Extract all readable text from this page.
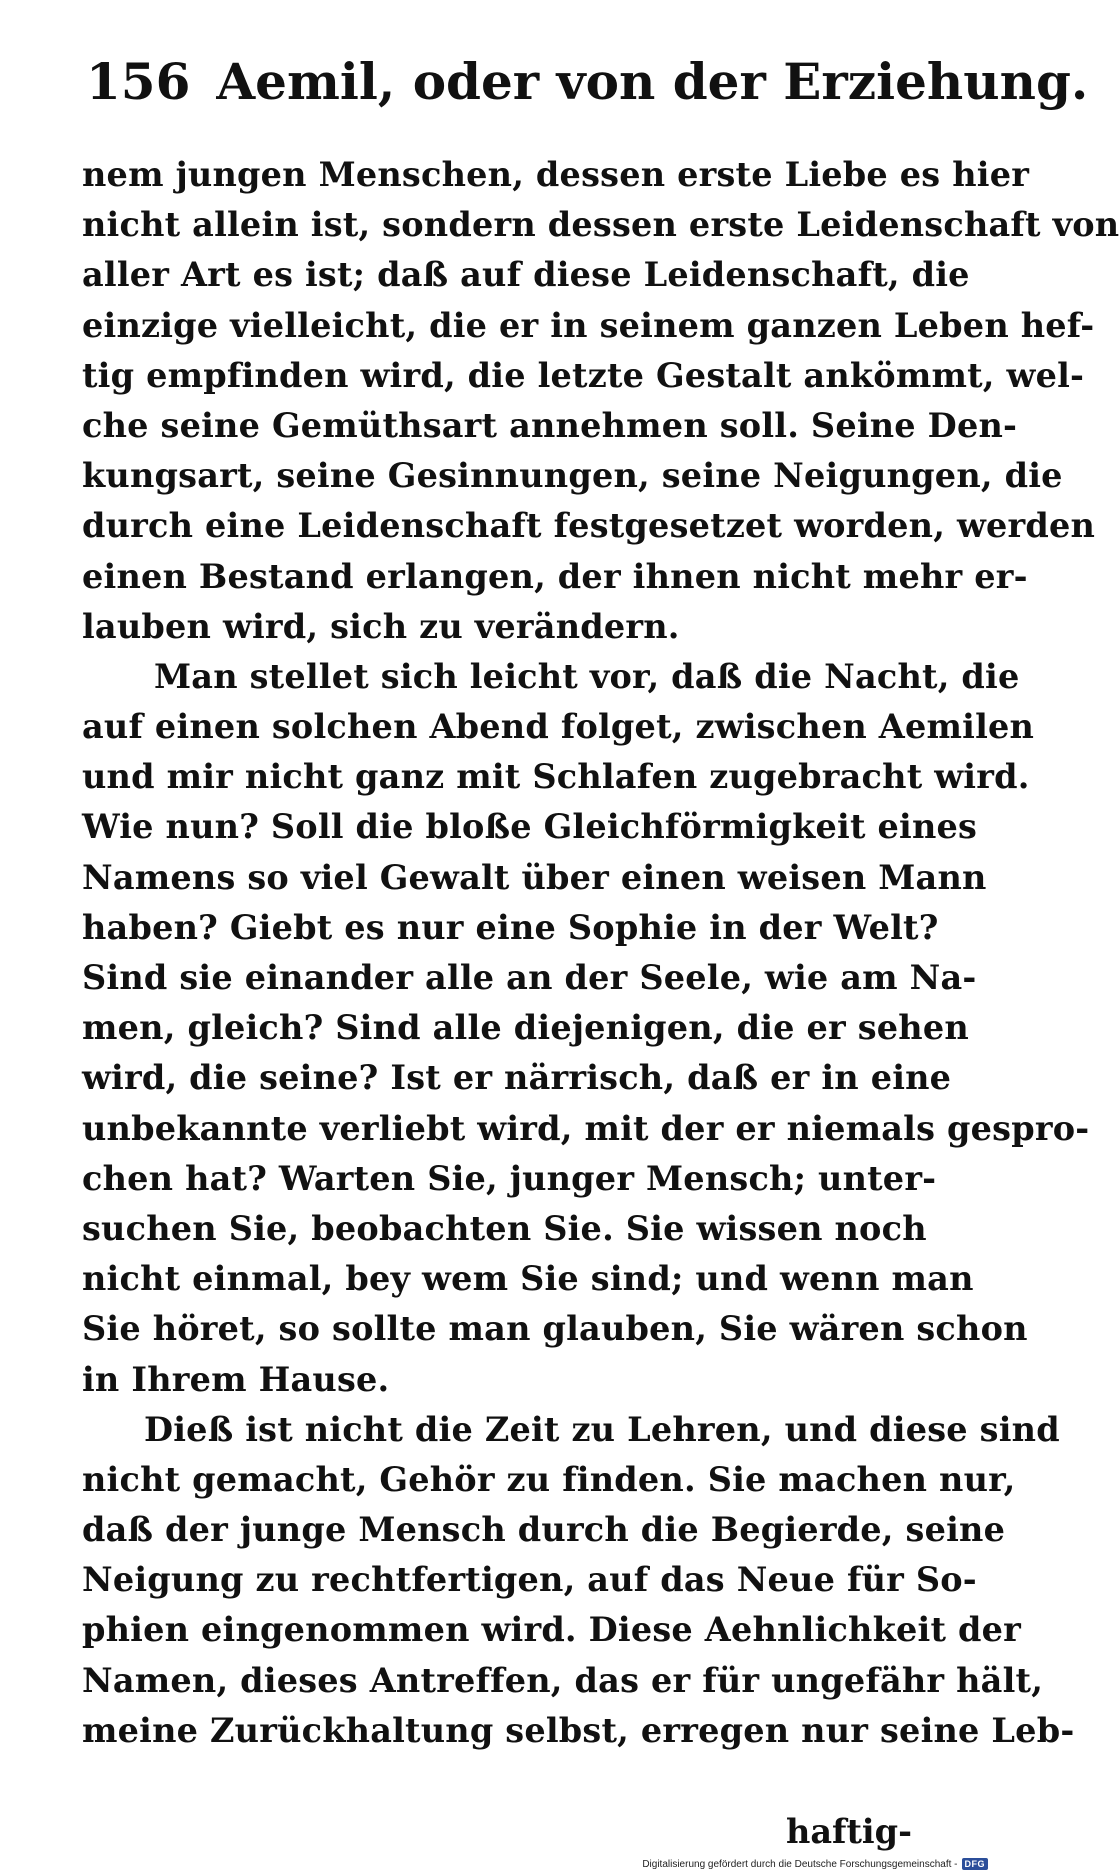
156 Aemil, oder von der Erziehung.
nem jungen Menschen, dessen erste Liebe es hier
nicht allein ist, sondern dessen erste Leidenschaft von
aller Art es ist; daß auf diese Leidenschaft, die
einzige vielleicht, die er in seinem ganzen Leben hef-
tig empfinden wird, die letzte Gestalt ankömmt, wel-
che seine Gemüthsart annehmen soll. Seine Den-
kungsart, seine Gesinnungen, seine Neigungen, die
durch eine Leidenschaft festgesetzet worden, werden
einen Bestand erlangen, der ihnen nicht mehr er-
lauben wird, sich zu verändern.
Man stellet sich leicht vor, daß die Nacht, die
auf einen solchen Abend folget, zwischen Aemilen
und mir nicht ganz mit Schlafen zugebracht wird.
Wie nun? Soll die bloße Gleichförmigkeit eines
Namens so viel Gewalt über einen weisen Mann
haben? Giebt es nur eine Sophie in der Welt?
Sind sie einander alle an der Seele, wie am Na-
men, gleich? Sind alle diejenigen, die er sehen
wird, die seine? Ist er närrisch, daß er in eine
unbekannte verliebt wird, mit der er niemals gespro-
chen hat? Warten Sie, junger Mensch; unter-
suchen Sie, beobachten Sie. Sie wissen noch
nicht einmal, bey wem Sie sind; und wenn man
Sie höret, so sollte man glauben, Sie wären schon
in Ihrem Hause.
Dieß ist nicht die Zeit zu Lehren, und diese sind
nicht gemacht, Gehör zu finden. Sie machen nur,
daß der junge Mensch durch die Begierde, seine
Neigung zu rechtfertigen, auf das Neue für So-
phien eingenommen wird. Diese Aehnlichkeit der
Namen, dieses Antreffen, das er für ungefähr hält,
meine Zurückhaltung selbst, erregen nur seine Leb-
haftig-
Digitalisierung gefördert durch die Deutsche Forschungsgemeinschaft - DFG
